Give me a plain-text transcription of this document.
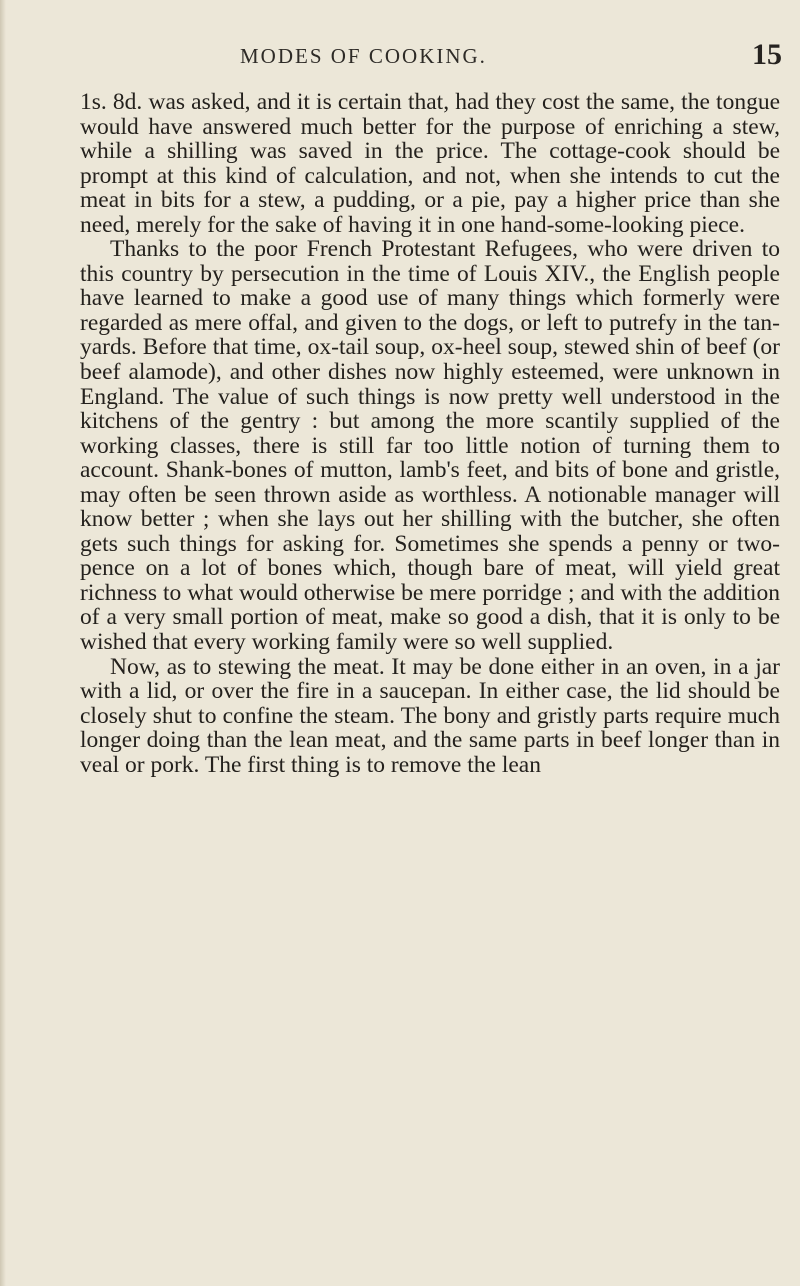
MODES OF COOKING.	15

1s. 8d. was asked, and it is certain that, had they cost the same, the tongue would have answered much better for the purpose of enriching a stew, while a shilling was saved in the price. The cottage-cook should be prompt at this kind of calculation, and not, when she intends to cut the meat in bits for a stew, a pudding, or a pie, pay a higher price than she need, merely for the sake of having it in one hand-some-looking piece.

Thanks to the poor French Protestant Refugees, who were driven to this country by persecution in the time of Louis XIV., the English people have learned to make a good use of many things which formerly were regarded as mere offal, and given to the dogs, or left to putrefy in the tan-yards. Before that time, ox-tail soup, ox-heel soup, stewed shin of beef (or beef alamode), and other dishes now highly esteemed, were unknown in England. The value of such things is now pretty well understood in the kitchens of the gentry : but among the more scantily supplied of the working classes, there is still far too little notion of turning them to account. Shank-bones of mutton, lamb's feet, and bits of bone and gristle, may often be seen thrown aside as worthless. A notionable manager will know better ; when she lays out her shilling with the butcher, she often gets such things for asking for. Sometimes she spends a penny or two-pence on a lot of bones which, though bare of meat, will yield great richness to what would otherwise be mere porridge ; and with the addition of a very small portion of meat, make so good a dish, that it is only to be wished that every working family were so well supplied.

Now, as to stewing the meat. It may be done either in an oven, in a jar with a lid, or over the fire in a saucepan. In either case, the lid should be closely shut to confine the steam. The bony and gristly parts require much longer doing than the lean meat, and the same parts in beef longer than in veal or pork. The first thing is to remove the lean
